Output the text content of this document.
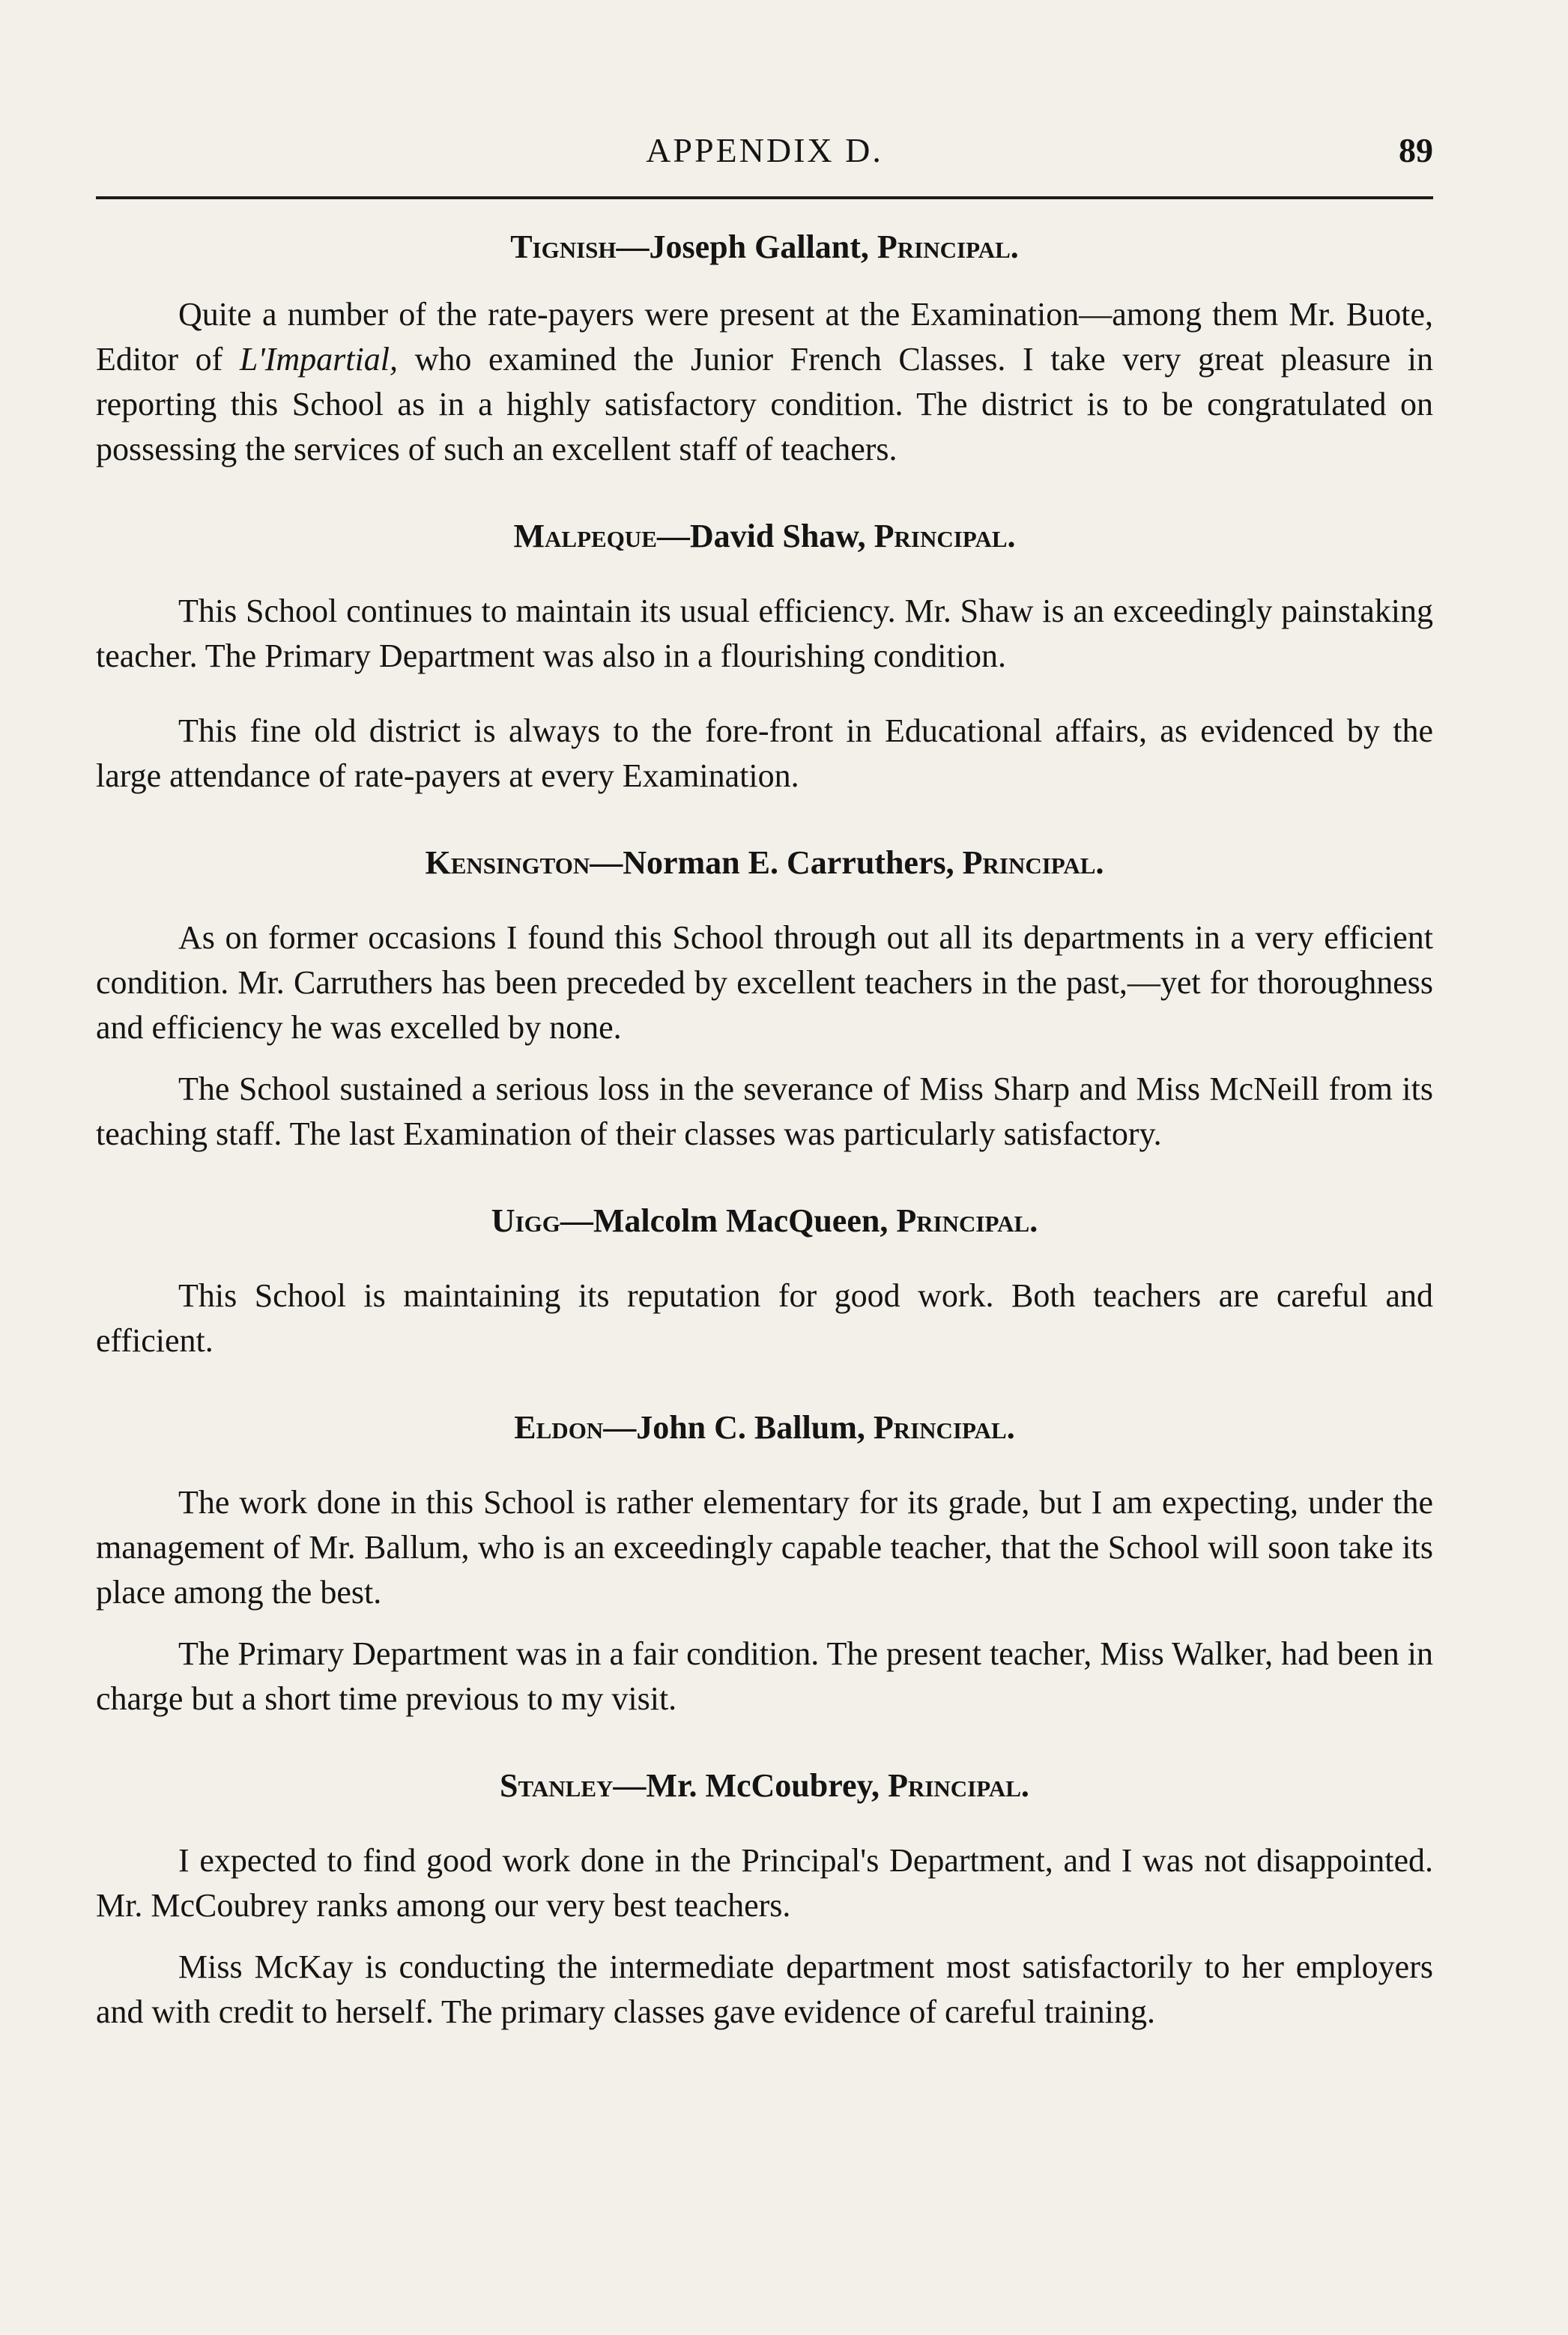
APPENDIX D.	89
Tignish—Joseph Gallant, Principal.

Quite a number of the rate-payers were present at the Examination—among them Mr. Buote, Editor of L'Impartial, who examined the Junior French Classes. I take very great pleasure in reporting this School as in a highly satisfactory condition. The district is to be congratulated on possessing the services of such an excellent staff of teachers.

Malpeque—David Shaw, Principal.

This School continues to maintain its usual efficiency. Mr. Shaw is an exceedingly painstaking teacher. The Primary Department was also in a flourishing condition.

This fine old district is always to the fore-front in Educational affairs, as evidenced by the large attendance of rate-payers at every Examination.

Kensington—Norman E. Carruthers, Principal.

As on former occasions I found this School through out all its departments in a very efficient condition. Mr. Carruthers has been preceded by excellent teachers in the past,—yet for thoroughness and efficiency he was excelled by none.

The School sustained a serious loss in the severance of Miss Sharp and Miss McNeill from its teaching staff. The last Examination of their classes was particularly satisfactory.

Uigg—Malcolm MacQueen, Principal.

This School is maintaining its reputation for good work. Both teachers are careful and efficient.

Eldon—John C. Ballum, Principal.

The work done in this School is rather elementary for its grade, but I am expecting, under the management of Mr. Ballum, who is an exceedingly capable teacher, that the School will soon take its place among the best.

The Primary Department was in a fair condition. The present teacher, Miss Walker, had been in charge but a short time previous to my visit.

Stanley—Mr. McCoubrey, Principal.

I expected to find good work done in the Principal's Department, and I was not disappointed. Mr. McCoubrey ranks among our very best teachers.

Miss McKay is conducting the intermediate department most satisfactorily to her employers and with credit to herself. The primary classes gave evidence of careful training.
